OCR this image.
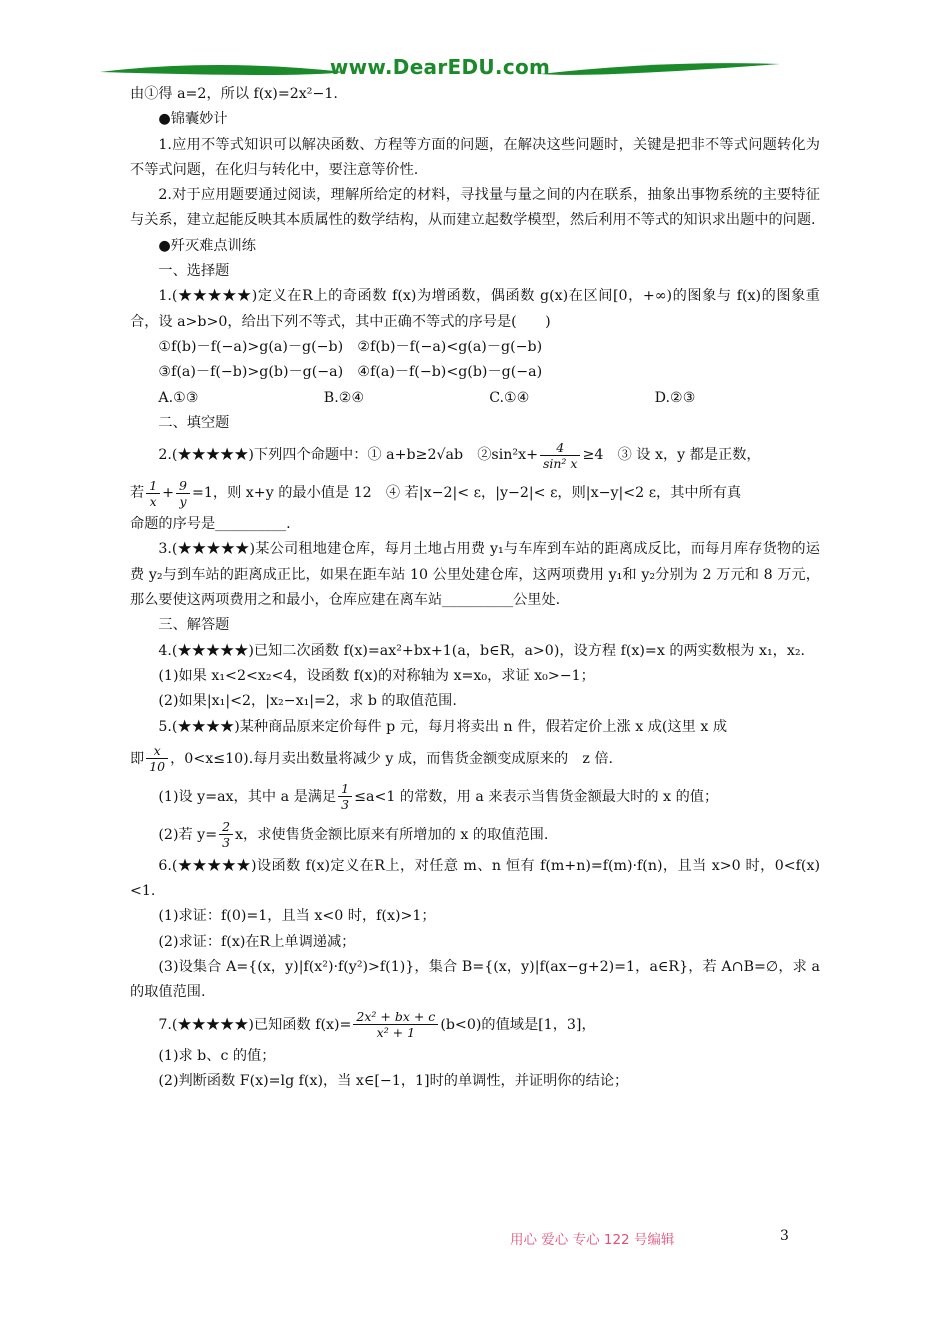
www.DearEDU.com
由①得 a=2，所以 f(x)=2x²−1.
●锦囊妙计
1.应用不等式知识可以解决函数、方程等方面的问题，在解决这些问题时，关键是把非不等式问题转化为不等式问题，在化归与转化中，要注意等价性.
2.对于应用题要通过阅读，理解所给定的材料，寻找量与量之间的内在联系，抽象出事物系统的主要特征与关系，建立起能反映其本质属性的数学结构，从而建立起数学模型，然后利用不等式的知识求出题中的问题.
●歼灭难点训练
一、选择题
1.(★★★★★)定义在R上的奇函数 f(x)为增函数，偶函数 g(x)在区间[0，+∞)的图象与 f(x)的图象重合，设 a>b>0，给出下列不等式，其中正确不等式的序号是(　　)
①f(b)－f(−a)>g(a)－g(−b)　②f(b)－f(−a)<g(a)－g(−b)
③f(a)－f(−b)>g(b)－g(−a)　④f(a)－f(−b)<g(b)－g(−a)
A.①③	B.②④	C.①④	D.②③
二、填空题
2.(★★★★★)下列四个命题中：① a+b≥2√ab　②sin²x+ $\frac{4}{\text{sin² x}} \ge 4$　③ 设 x，y 都是正数，
若 $\frac{1}{x} + \frac{9}{y} =1$，则 x+y 的最小值是 12　④ 若|x−2|< ε，|y−2|< ε，则|x−y|<2 ε，其中所有真
命题的序号是__________.
3.(★★★★★)某公司租地建仓库，每月土地占用费 y₁与车库到车站的距离成反比，而每月库存货物的运费 y₂与到车站的距离成正比，如果在距车站 10 公里处建仓库，这两项费用 y₁和 y₂分别为 2 万元和 8 万元，那么要使这两项费用之和最小，仓库应建在离车站__________公里处.
三、解答题
4.(★★★★★)已知二次函数 f(x)=ax²+bx+1(a，b∈R，a>0)，设方程 f(x)=x 的两实数根为 x₁，x₂.
(1)如果 x₁<2<x₂<4，设函数 f(x)的对称轴为 x=x₀，求证 x₀>−1；
(2)如果|x₁|<2，|x₂−x₁|=2，求 b 的取值范围.
5.(★★★★)某种商品原来定价每件 p 元，每月将卖出 n 件，假若定价上涨 x 成(这里 x 成
即 $\frac{x}{10}$ ，0<x≤10).每月卖出数量将减少 y 成，而售货金额变成原来的　z 倍.
(1)设 y=ax，其中 a 是满足 $\frac{1}{3} \le a<1$ 的常数，用 a 来表示当售货金额最大时的 x 的值；
(2)若 $y= \frac{2}{3}$ x，求使售货金额比原来有所增加的 x 的取值范围.
6.(★★★★★)设函数 f(x)定义在R上，对任意 m、n 恒有 f(m+n)=f(m)·f(n)，且当 x>0 时，0<f(x)<1.
(1)求证：f(0)=1，且当 x<0 时，f(x)>1；
(2)求证：f(x)在R上单调递减；
(3)设集合 A={(x，y)|f(x²)·f(y²)>f(1)}，集合 B={(x，y)|f(ax−g+2)=1，a∈R}，若 A∩B=∅，求 a 的取值范围.
7.(★★★★★)已知函数 $f(x)= \frac{\text{2x² + bx + c}}{\text{x² + 1}} (b<0)$的值域是[1，3]，
(1)求 b、c 的值；
(2)判断函数 F(x)=lg f(x)，当 x∈[−1，1]时的单调性，并证明你的结论；
用心 爱心 专心 122 号编辑	3
